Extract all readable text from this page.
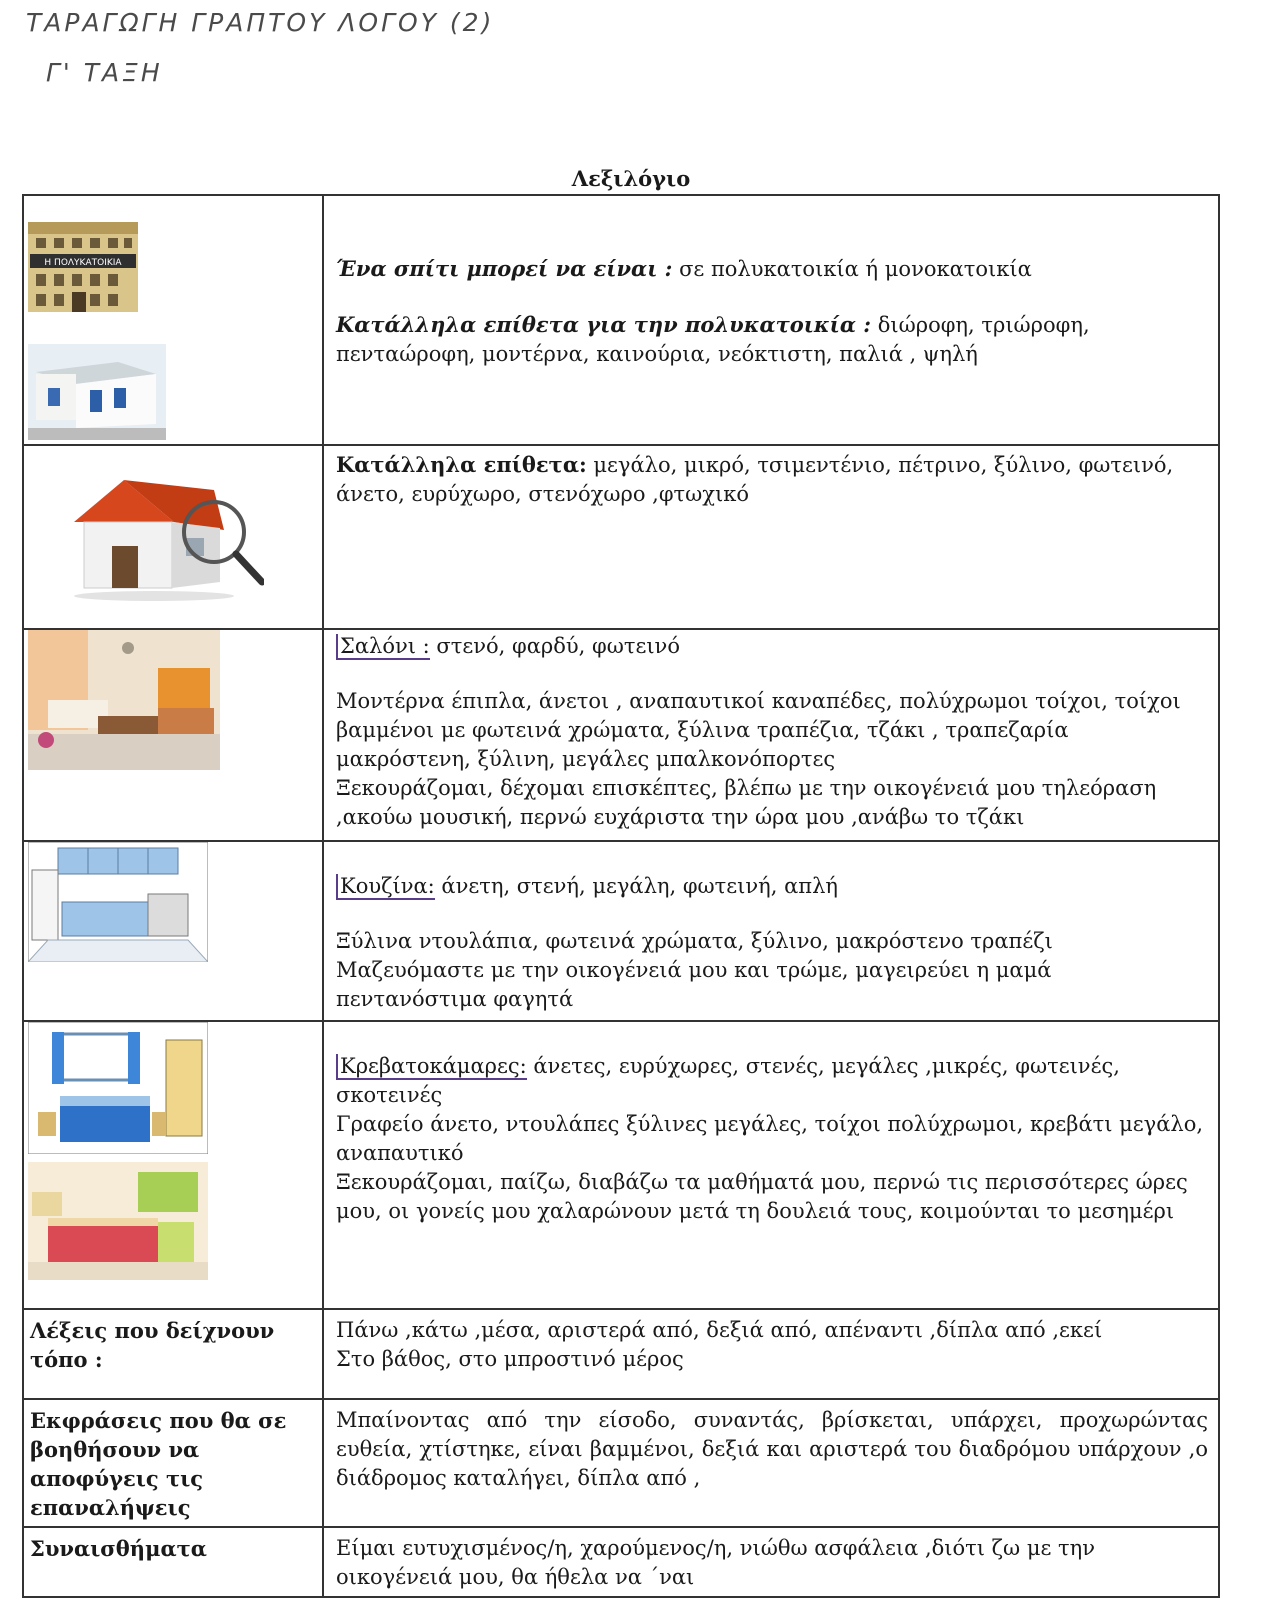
ΤΑΡΑΓΩΓΗ ΓΡΑΠΤΟΥ ΛΟΓΟΥ (2)
Γ' ΤΑΞΗ
Λεξιλόγιο
Η ΠΟΛΥΚΑΤΟΙΚΙΑ	Ένα σπίτι μπορεί να είναι : σε πολυκατοικία ή μονοκατοικία

Κατάλληλα επίθετα για την πολυκατοικία : διώροφη, τριώροφη, πενταώροφη, μοντέρνα, καινούρια, νεόκτιστη, παλιά , ψηλή

Κατάλληλα επίθετα: μεγάλο, μικρό, τσιμεντένιο, πέτρινο, ξύλινο, φωτεινό, άνετο, ευρύχωρο, στενόχωρο ,φτωχικό

Σαλόνι : στενό, φαρδύ, φωτεινό

Μοντέρνα έπιπλα, άνετοι , αναπαυτικοί καναπέδες, πολύχρωμοι τοίχοι, τοίχοι βαμμένοι με φωτεινά χρώματα, ξύλινα τραπέζια, τζάκι , τραπεζαρία μακρόστενη, ξύλινη, μεγάλες μπαλκονόπορτες

Ξεκουράζομαι, δέχομαι επισκέπτες, βλέπω με την οικογένειά μου τηλεόραση ,ακούω μουσική, περνώ ευχάριστα την ώρα μου ,ανάβω το τζάκι

Κουζίνα: άνετη, στενή, μεγάλη, φωτεινή, απλή

Ξύλινα ντουλάπια, φωτεινά χρώματα, ξύλινο, μακρόστενο τραπέζι

Μαζευόμαστε με την οικογένειά μου και τρώμε, μαγειρεύει η μαμά πεντανόστιμα φαγητά

Κρεβατοκάμαρες: άνετες, ευρύχωρες, στενές, μεγάλες ,μικρές, φωτεινές, σκοτεινές

Γραφείο άνετο, ντουλάπες ξύλινες μεγάλες, τοίχοι πολύχρωμοι, κρεβάτι μεγάλο, αναπαυτικό

Ξεκουράζομαι, παίζω, διαβάζω τα μαθήματά μου, περνώ τις περισσότερες ώρες μου, οι γονείς μου χαλαρώνουν μετά τη δουλειά τους, κοιμούνται το μεσημέρι

Λέξεις που δείχνουν τόπο :	Πάνω ,κάτω ,μέσα, αριστερά από, δεξιά από, απέναντι ,δίπλα από ,εκεί

Στο βάθος, στο μπροστινό μέρος

Εκφράσεις που θα σε βοηθήσουν να αποφύγεις τις επαναλήψεις	Μπαίνοντας από την είσοδο, συναντάς, βρίσκεται, υπάρχει, προχωρώντας ευθεία, χτίστηκε, είναι βαμμένοι, δεξιά και αριστερά του διαδρόμου υπάρχουν ,ο διάδρομος καταλήγει, δίπλα από ,

Συναισθήματα	Είμαι ευτυχισμένος/η, χαρούμενος/η, νιώθω ασφάλεια ,διότι ζω με την οικογένειά μου, θα ήθελα να ΄ναι
